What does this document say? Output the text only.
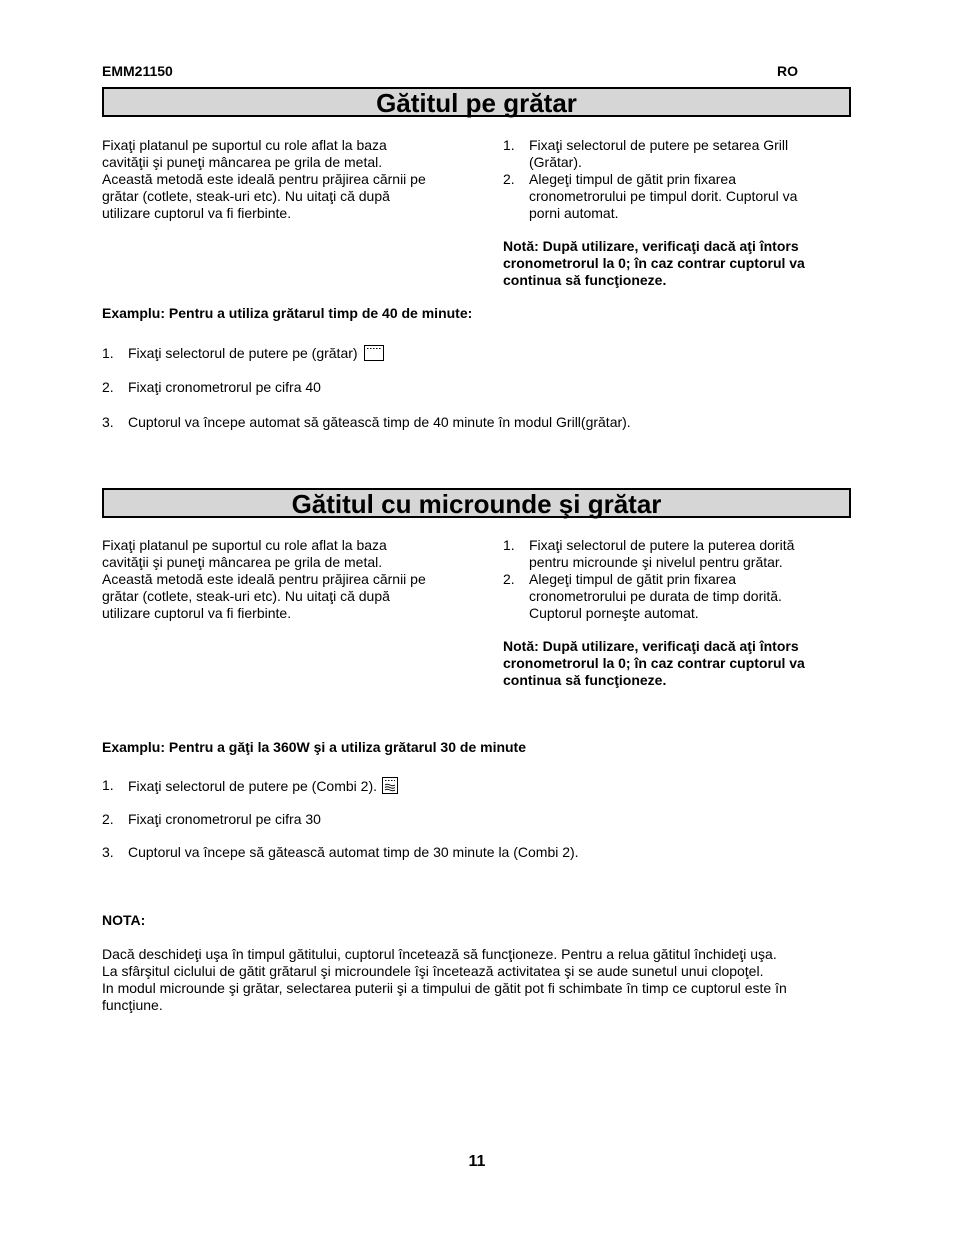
EMM21150	RO
Gătitul pe grătar

Fixaţi platanul pe suportul cu role aflat la baza
cavităţii şi puneţi mâncarea pe grila de metal.
Această metodă este ideală pentru prăjirea cărnii pe
grătar (cotlete, steak-uri etc). Nu uitaţi că după
utilizare cuptorul va fi fierbinte.

1. Fixaţi selectorul de putere pe setarea Grill
(Grătar).
2. Alegeţi timpul de gătit prin fixarea
cronometrorului pe timpul dorit. Cuptorul va
porni automat.

Notă: După utilizare, verificaţi dacă aţi întors
cronometrorul la 0; în caz contrar cuptorul va
continua să funcţioneze.

Examplu: Pentru a utiliza grătarul timp de 40 de minute:
1. Fixaţi selectorul de putere pe (grătar)
2. Fixaţi cronometrorul pe cifra 40
3. Cuptorul va începe automat să gătească timp de 40 minute în modul Grill(grătar).
Gătitul cu microunde şi grătar

Fixaţi platanul pe suportul cu role aflat la baza
cavităţii şi puneţi mâncarea pe grila de metal.
Această metodă este ideală pentru prăjirea cărnii pe
grătar (cotlete, steak-uri etc). Nu uitaţi că după
utilizare cuptorul va fi fierbinte.

1. Fixaţi selectorul de putere la puterea dorită
pentru microunde şi nivelul pentru grătar.
2. Alegeţi timpul de gătit prin fixarea
cronometrorului pe durata de timp dorită.
Cuptorul porneşte automat.

Notă: După utilizare, verificaţi dacă aţi întors
cronometrorul la 0; în caz contrar cuptorul va
continua să funcţioneze.

Examplu: Pentru a găţi la 360W şi a utiliza grătarul 30 de minute
1. Fixaţi selectorul de putere pe (Combi 2).
2. Fixaţi cronometrorul pe cifra 30
3. Cuptorul va începe să gătească automat timp de 30 minute la (Combi 2).
NOTA:

Dacă deschideţi uşa în timpul gătitului, cuptorul încetează să funcţioneze. Pentru a relua gătitul închideţi uşa.
La sfârşitul ciclului de gătit grătarul şi microundele îşi încetează activitatea şi se aude sunetul unui clopoţel.
In modul microunde şi grătar, selectarea puterii şi a timpului de gătit pot fi schimbate în timp ce cuptorul este în
funcţiune.

11
